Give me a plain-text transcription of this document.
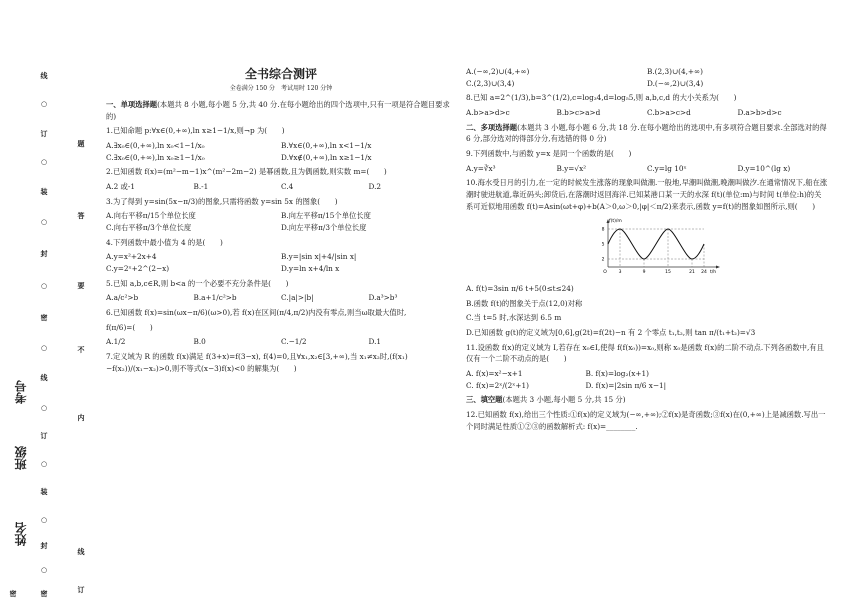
线
○
订
○
装
○
封
○
密
○
线
○
订
○
装
○
封
○
密
题
答
要
不
内
线
订
密
考号
班级
姓名
全书综合测评
全卷满分 150 分　考试用时 120 分钟
一、单项选择题(本题共 8 小题,每小题 5 分,共 40 分.在每小题给出的四个选项中,只有一项是符合题目要求的)
1.已知命题 p:∀x∈(0,+∞),ln x≥1−1/x,则¬p 为(　　)
A.∃x₀∈(0,+∞),ln x₀<1−1/x₀	B.∀x∈(0,+∞),ln x<1−1/x
C.∃x₀∈(0,+∞),ln x₀≥1−1/x₀	D.∀x∉(0,+∞),ln x≥1−1/x
2.已知函数 f(x)=(m²−m−1)x^(m²−2m−2) 是幂函数,且为偶函数,则实数 m=(　　)
A.2 或-1	B.-1	C.4	D.2
3.为了得到 y=sin(5x−π/3)的图象,只需将函数 y=sin 5x 的图象(　　)
A.向右平移π/15个单位长度	B.向左平移π/15个单位长度
C.向右平移π/3个单位长度	D.向左平移π/3个单位长度
4.下列函数中最小值为 4 的是(　　)
A.y=x²+2x+4	B.y=|sin x|+4/|sin x|
C.y=2ˣ+2^(2−x)	D.y=ln x+4/ln x
5.已知 a,b,c∈R,则 b<a 的一个必要不充分条件是(　　)
A.a/c²>b	B.a+1/c²>b	C.|a|>|b|	D.a³>b³
6.已知函数 f(x)=sin(ωx−π/6)(ω>0),若 f(x)在区间(π/4,π/2)内没有零点,则当ω取最大值时,
f(π/6)=(　　)
A.1/2	B.0	C.−1/2	D.1
7.定义域为 R 的函数 f(x)满足 f(3+x)=f(3−x), f(4)=0,且∀x₁,x₂∈[3,+∞),当 x₁≠x₂时,(f(x₁)−f(x₂))/(x₁−x₂)>0,则不等式(x−3)f(x)<0 的解集为(　　)
A.(−∞,2)∪(4,+∞)	B.(2,3)∪(4,+∞)
C.(2,3)∪(3,4)	D.(−∞,2)∪(3,4)
8.已知 a=2^(1/3),b=3^(1/2),c=log₃4,d=log₅5,则 a,b,c,d 的大小关系为(　　)
A.b>a>d>c	B.b>c>a>d	C.b>a>c>d	D.a>b>d>c
二、多项选择题(本题共 3 小题,每小题 6 分,共 18 分.在每小题给出的选项中,有多项符合题目要求.全部选对的得 6 分,部分选对的得部分分,有选错的得 0 分)
9.下列函数中,与函数 y=x 是同一个函数的是(　　)
A.y=∛x³	B.y=√x²	C.y=lg 10ˣ	D.y=10^(lg x)
10.海水受日月的引力,在一定的时候发生涨落的现象叫做潮.一般地,早潮叫做潮,晚潮叫做汐.在通常情况下,船在涨潮时驶进航道,靠近码头;卸货后,在落潮时返回海洋.已知某港口某一天的水深 f(t)(单位:m)与时间 t(单位:h)的关系可近似地用函数 f(t)=Asin(ωt+φ)+b(A＞0,ω＞0,|φ|＜π/2)来表示,函数 y=f(t)的图象如图所示,则(　　)
f(t)/m
8
5
2
O	3	9	15	21 24 t/h
A. f(t)=3sin π/6 t+5(0≤t≤24)
B.函数 f(t)的图象关于点(12,0)对称
C.当 t=5 时,水深达到 6.5 m
D.已知函数 g(t)的定义域为[0,6],g(2t)=f(2t)−n 有 2 个零点 t₁,t₂,则 tan π/(t₁+t₂)=√3
11.设函数 f(x)的定义域为 I,若存在 x₀∈I,使得 f(f(x₀))=x₀,则称 x₀是函数 f(x)的二阶不动点.下列各函数中,有且仅有一个二阶不动点的是(　　)
A. f(x)=x²−x+1	B. f(x)=log₂(x+1)
C. f(x)=2ˣ/(2ˣ+1)	D. f(x)=|2sin π/6 x−1|
三、填空题(本题共 3 小题,每小题 5 分,共 15 分)
12.已知函数 f(x),给出三个性质:①f(x)的定义域为(−∞,+∞);②f(x)是奇函数;③f(x)在(0,+∞)上是减函数.写出一个同时满足性质①②③的函数解析式: f(x)=________.
